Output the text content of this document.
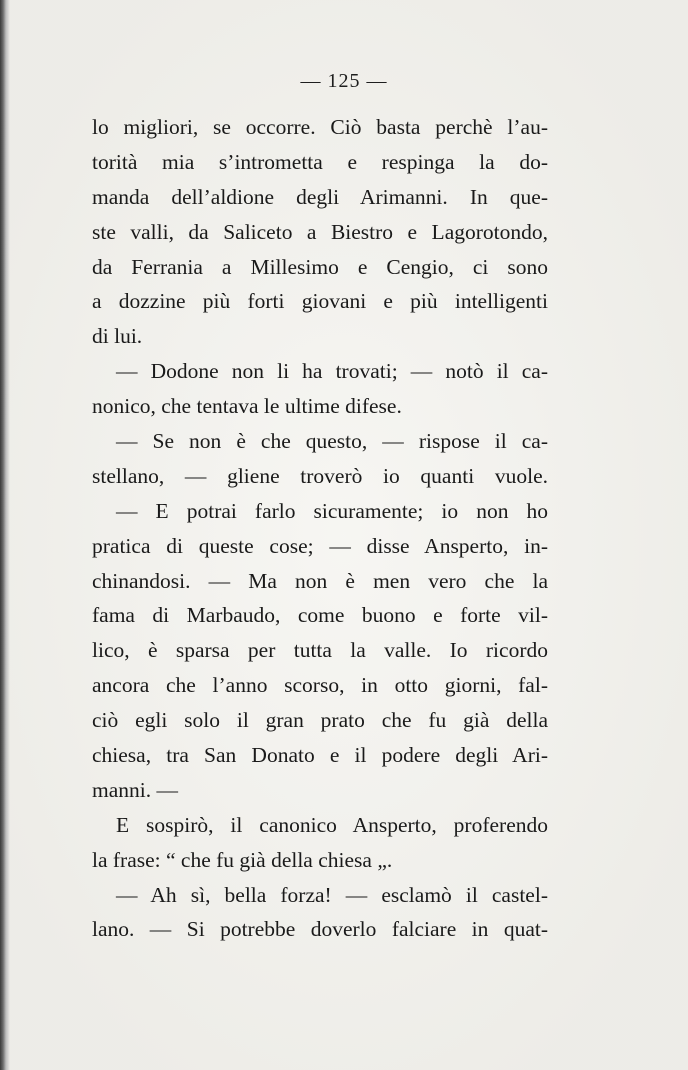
— 125 —
lo migliori, se occorre. Ciò basta perchè l’au-
torità mia s’intrometta e respinga la do-
manda dell’aldione degli Arimanni. In que-
ste valli, da Saliceto a Biestro e Lagorotondo,
da Ferrania a Millesimo e Cengio, ci sono
a dozzine più forti giovani e più intelligenti
di lui.
— Dodone non li ha trovati; — notò il ca-
nonico, che tentava le ultime difese.
— Se non è che questo, — rispose il ca-
stellano, — gliene troverò io quanti vuole.
— E potrai farlo sicuramente; io non ho
pratica di queste cose; — disse Ansperto, in-
chinandosi. — Ma non è men vero che la
fama di Marbaudo, come buono e forte vil-
lico, è sparsa per tutta la valle. Io ricordo
ancora che l’anno scorso, in otto giorni, fal-
ciò egli solo il gran prato che fu già della
chiesa, tra San Donato e il podere degli Ari-
manni. —
E sospirò, il canonico Ansperto, proferendo
la frase: “ che fu già della chiesa „.
— Ah sì, bella forza! — esclamò il castel-
lano. — Si potrebbe doverlo falciare in quat-
